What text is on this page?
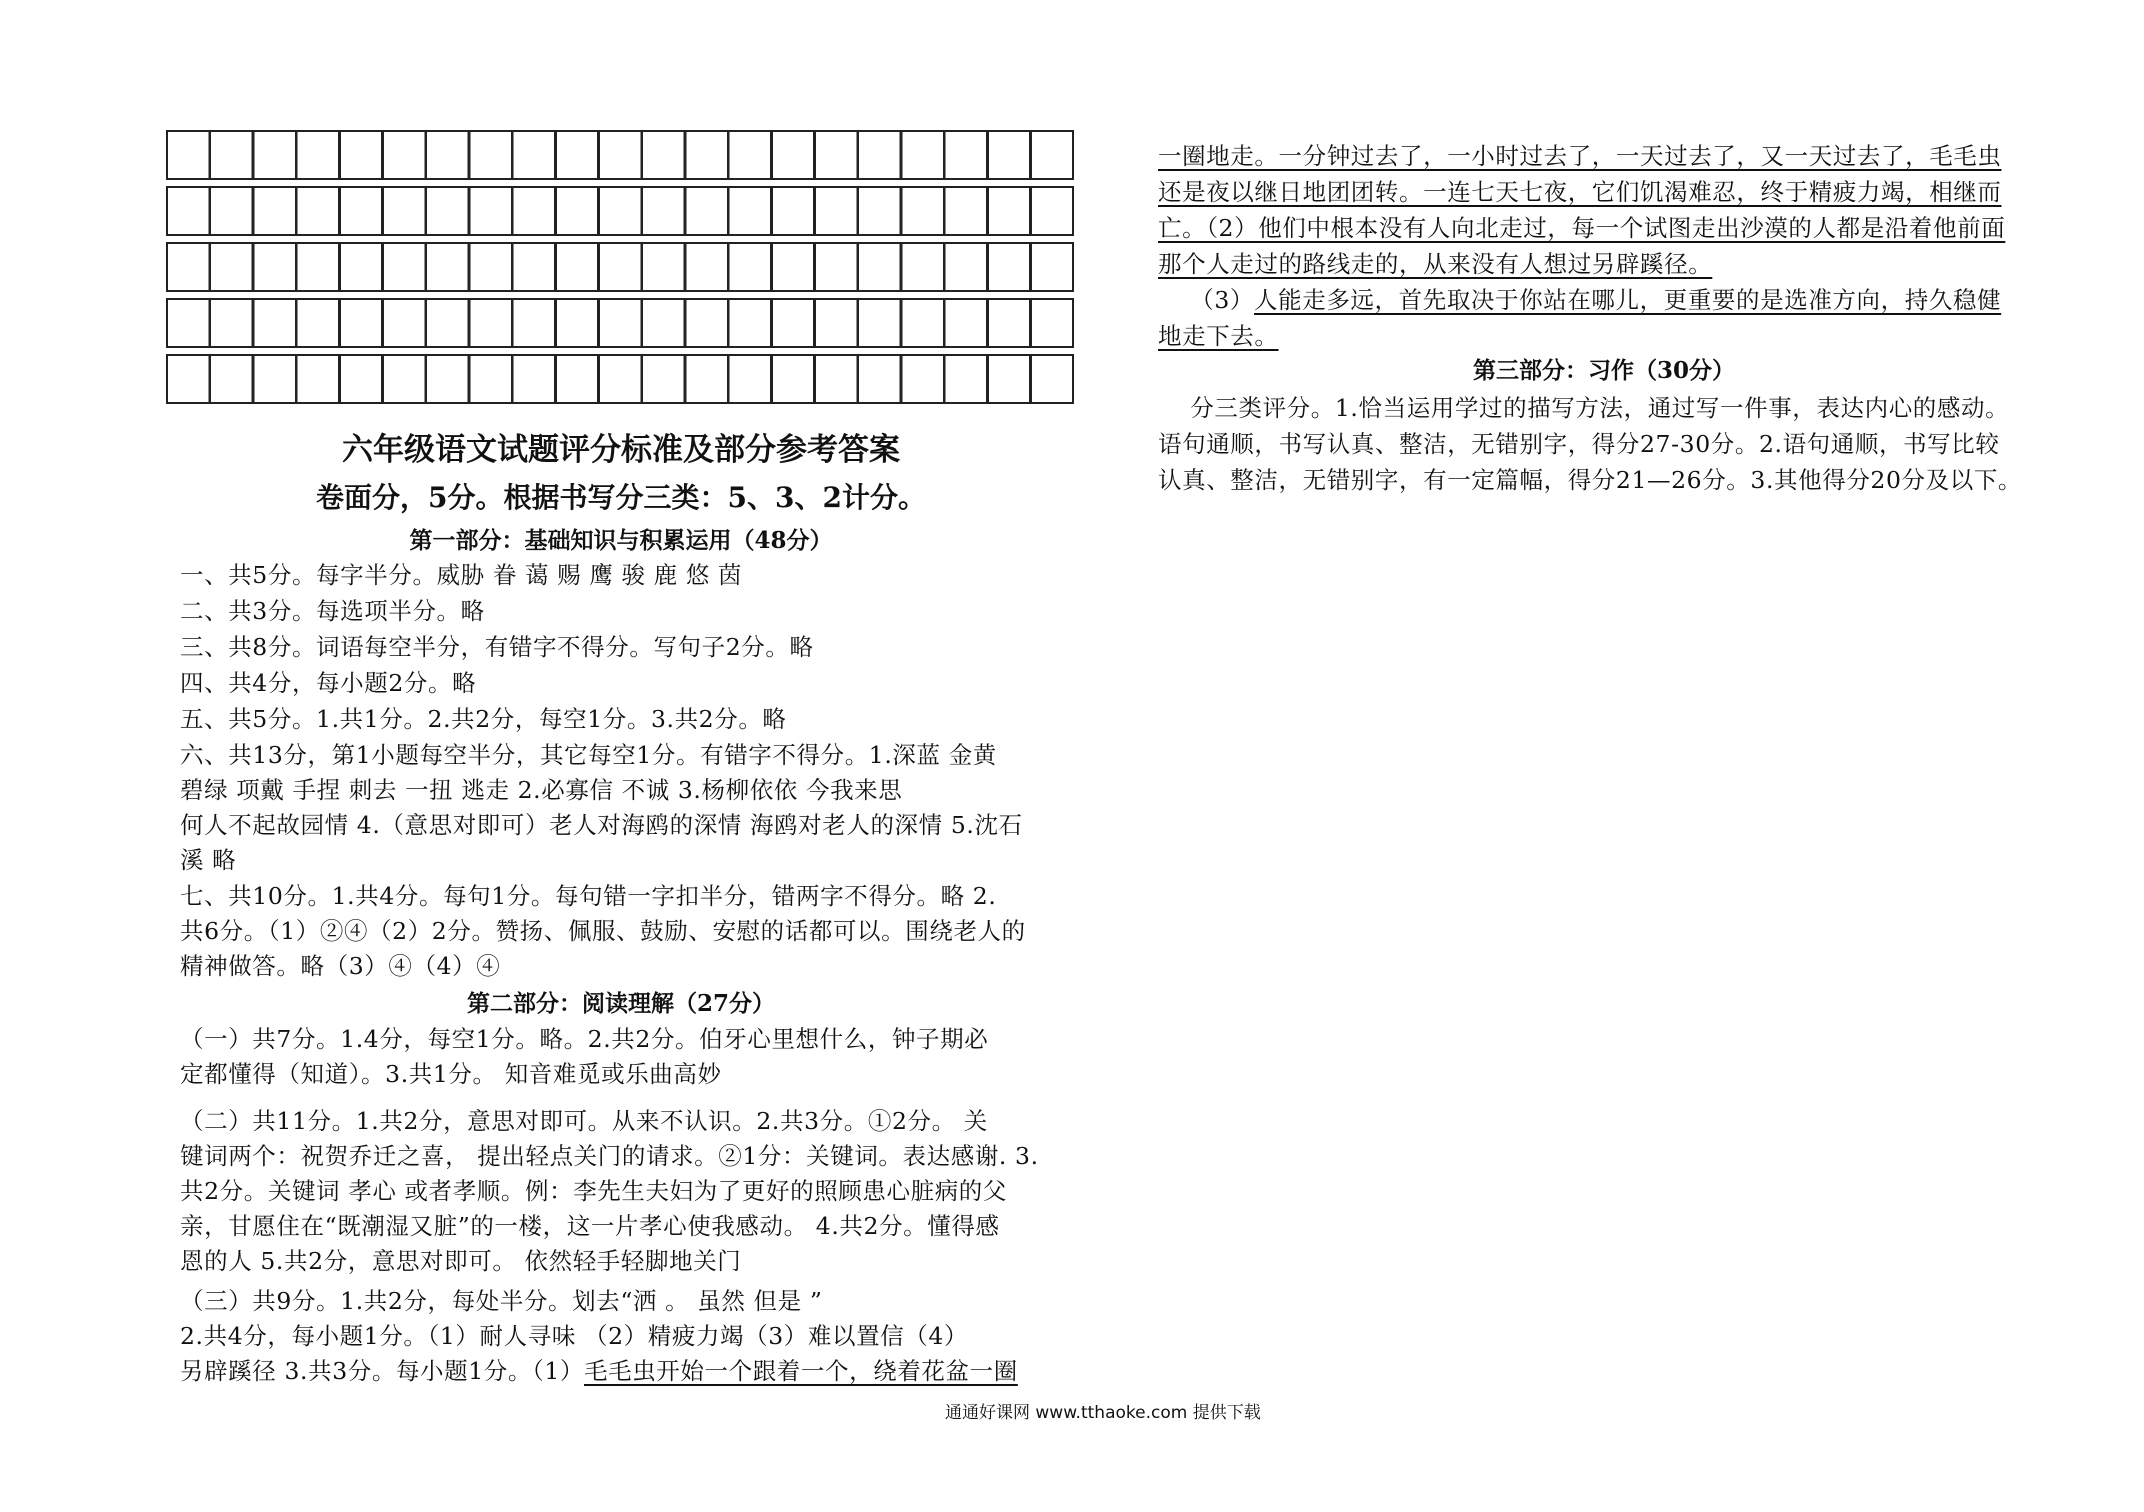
六年级语文试题评分标准及部分参考答案
卷面分，5分。根据书写分三类：5、3、2计分。
第一部分：基础知识与积累运用（48分）
一、共5分。每字半分。威胁 眷 蔼 赐 鹰 骏 鹿 悠 茵
二、共3分。每选项半分。略
三、共8分。词语每空半分，有错字不得分。写句子2分。略
四、共4分，每小题2分。略
五、共5分。1.共1分。2.共2分，每空1分。3.共2分。略
六、共13分，第1小题每空半分，其它每空1分。有错字不得分。1.深蓝 金黄
碧绿 项戴 手捏 刺去 一扭 逃走 2.必寡信 不诚 3.杨柳依依 今我来思
何人不起故园情 4.（意思对即可）老人对海鸥的深情 海鸥对老人的深情 5.沈石
溪 略
七、共10分。1.共4分。每句1分。每句错一字扣半分，错两字不得分。略 2.
共6分。（1）②④（2）2分。赞扬、佩服、鼓励、安慰的话都可以。围绕老人的
精神做答。略（3）④（4）④
第二部分：阅读理解（27分）
（一）共7分。1.4分，每空1分。略。2.共2分。伯牙心里想什么，钟子期必
定都懂得（知道）。3.共1分。 知音难觅或乐曲高妙
（二）共11分。1.共2分，意思对即可。从来不认识。2.共3分。①2分。 关
键词两个：祝贺乔迁之喜， 提出轻点关门的请求。②1分：关键词。表达感谢. 3.
共2分。关键词 孝心 或者孝顺。例：李先生夫妇为了更好的照顾患心脏病的父
亲，甘愿住在“既潮湿又脏”的一楼，这一片孝心使我感动。 4.共2分。懂得感
恩的人 5.共2分，意思对即可。 依然轻手轻脚地关门
（三）共9分。1.共2分，每处半分。划去“洒 。 虽然 但是 ”
2.共4分，每小题1分。（1）耐人寻味 （2）精疲力竭（3）难以置信（4）
另辟蹊径 3.共3分。每小题1分。（1）毛毛虫开始一个跟着一个，绕着花盆一圈
一圈地走。一分钟过去了，一小时过去了，一天过去了，又一天过去了，毛毛虫
还是夜以继日地团团转。一连七天七夜，它们饥渴难忍，终于精疲力竭，相继而
亡。（2）他们中根本没有人向北走过，每一个试图走出沙漠的人都是沿着他前面
那个人走过的路线走的，从来没有人想过另辟蹊径。
（3）人能走多远，首先取决于你站在哪儿，更重要的是选准方向，持久稳健
地走下去。
第三部分：习作（30分）
分三类评分。1.恰当运用学过的描写方法，通过写一件事，表达内心的感动。
语句通顺，书写认真、整洁，无错别字，得分27-30分。2.语句通顺，书写比较
认真、整洁，无错别字，有一定篇幅，得分21—26分。3.其他得分20分及以下。
通通好课网 www.tthaoke.com 提供下载
